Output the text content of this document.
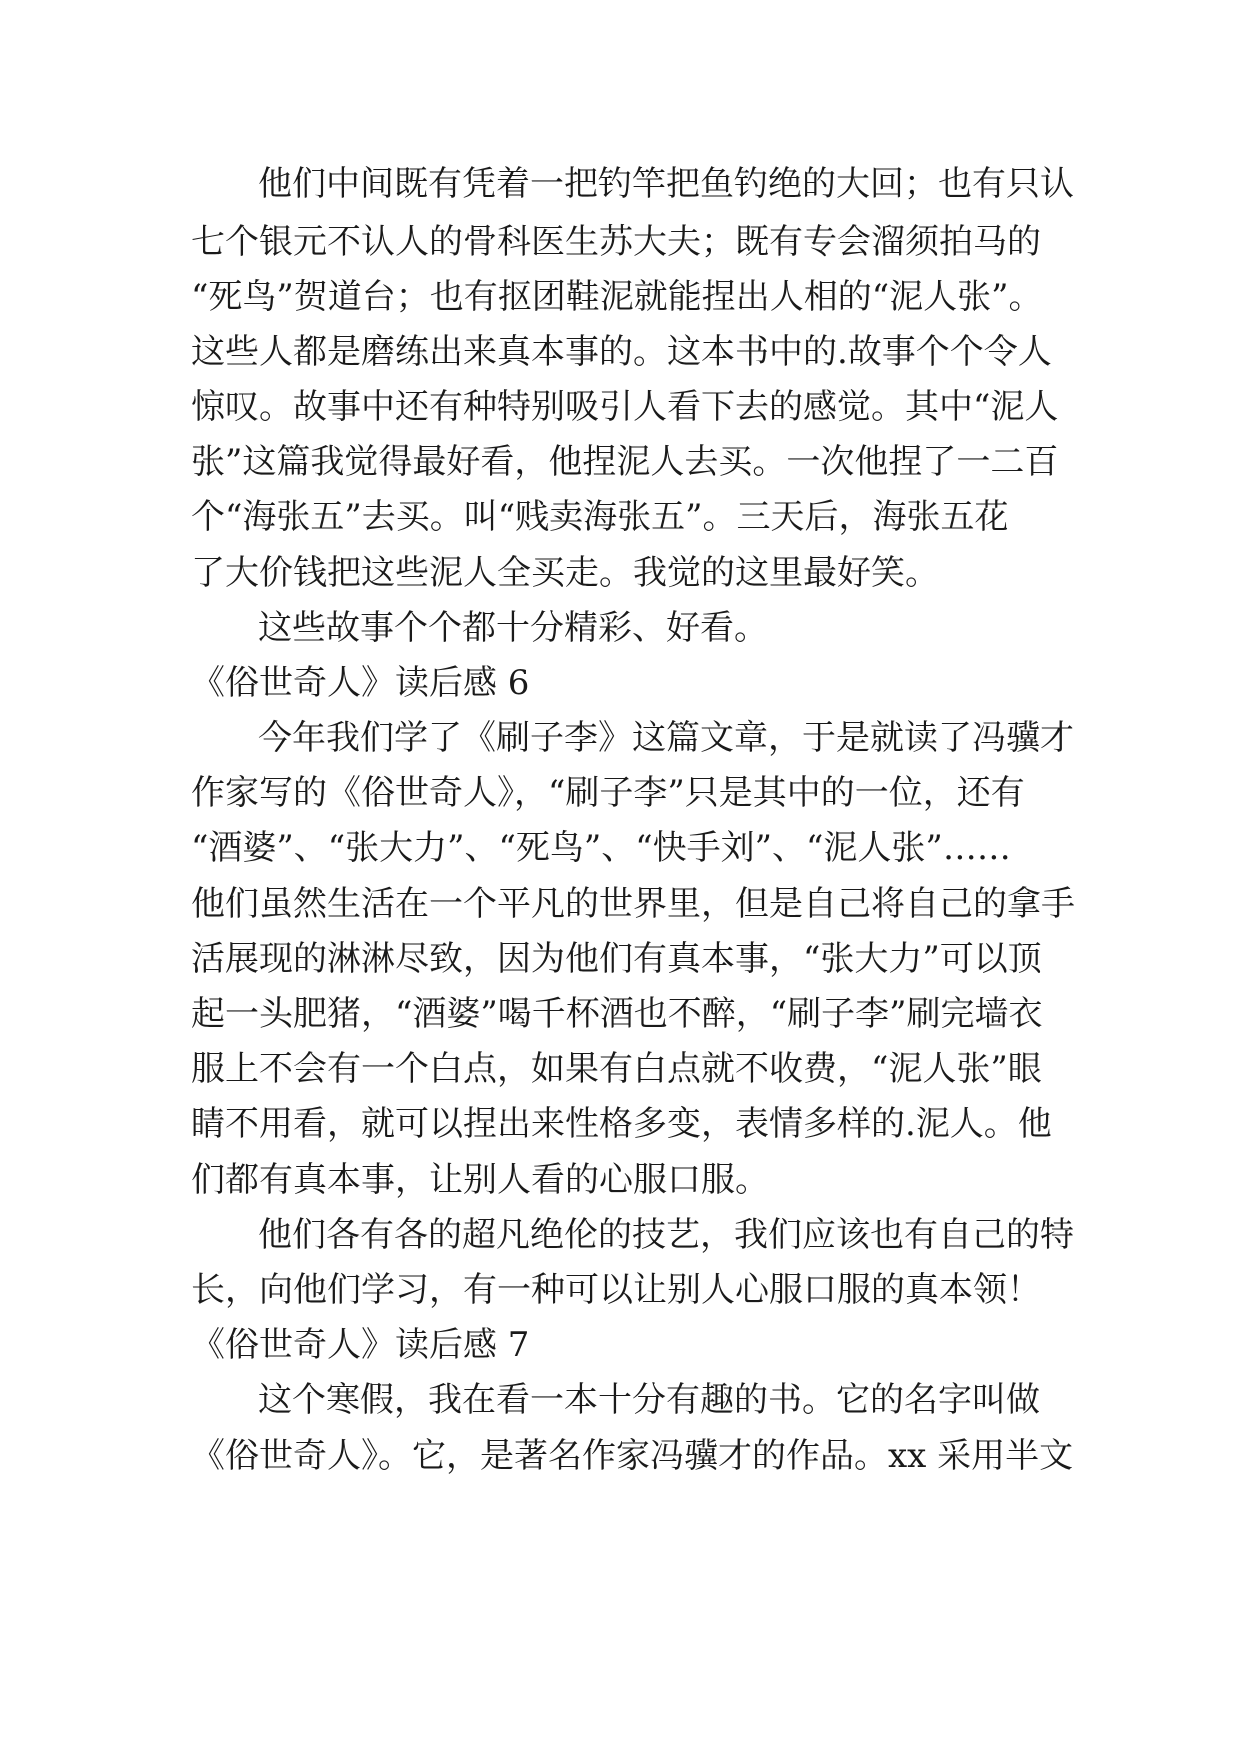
他们中间既有凭着一把钓竿把鱼钓绝的大回；也有只认
七个银元不认人的骨科医生苏大夫；既有专会溜须拍马的
“死鸟”贺道台；也有抠团鞋泥就能捏出人相的“泥人张”。
这些人都是磨练出来真本事的。这本书中的.故事个个令人
惊叹。故事中还有种特别吸引人看下去的感觉。其中“泥人
张”这篇我觉得最好看，他捏泥人去买。一次他捏了一二百
个“海张五”去买。叫“贱卖海张五”。三天后，海张五花
了大价钱把这些泥人全买走。我觉的这里最好笑。
这些故事个个都十分精彩、好看。
《俗世奇人》读后感 6
今年我们学了《刷子李》这篇文章，于是就读了冯骥才
作家写的《俗世奇人》，“刷子李”只是其中的一位，还有
“酒婆”、“张大力”、“死鸟”、“快手刘”、“泥人张”……
他们虽然生活在一个平凡的世界里，但是自己将自己的拿手
活展现的淋淋尽致，因为他们有真本事，“张大力”可以顶
起一头肥猪，“酒婆”喝千杯酒也不醉，“刷子李”刷完墙衣
服上不会有一个白点，如果有白点就不收费，“泥人张”眼
睛不用看，就可以捏出来性格多变，表情多样的.泥人。他
们都有真本事，让别人看的心服口服。
他们各有各的超凡绝伦的技艺，我们应该也有自己的特
长，向他们学习，有一种可以让别人心服口服的真本领！
《俗世奇人》读后感 7
这个寒假，我在看一本十分有趣的书。它的名字叫做
《俗世奇人》。它，是著名作家冯骥才的作品。xx 采用半文
